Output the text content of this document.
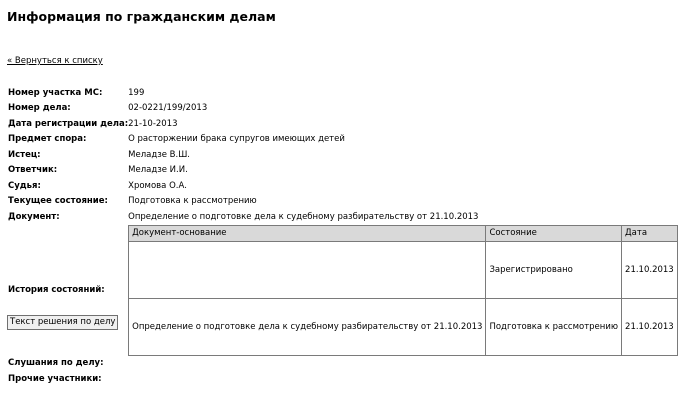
Информация по гражданским делам
« Вернуться к списку
Номер участка МС:	199
Номер дела:	02-0221/199/2013
Дата регистрации дела:	21-10-2013
Предмет спора:	О расторжении брака супругов имеющих детей
Истец:	Меладзе В.Ш.
Ответчик:	Меладзе И.И.
Судья:	Хромова О.А.
Текущее состояние:	Подготовка к рассмотрению
Документ:	Определение о подготовке дела к судебному разбирательству от 21.10.2013
История состояний:	
Документ-основание	Состояние	Дата
	Зарегистрировано	21.10.2013
Определение о подготовке дела к судебному разбирательству от 21.10.2013	Подготовка к рассмотрению	21.10.2013

Слушания по делу:
Прочие участники:
Текст решения по делу
